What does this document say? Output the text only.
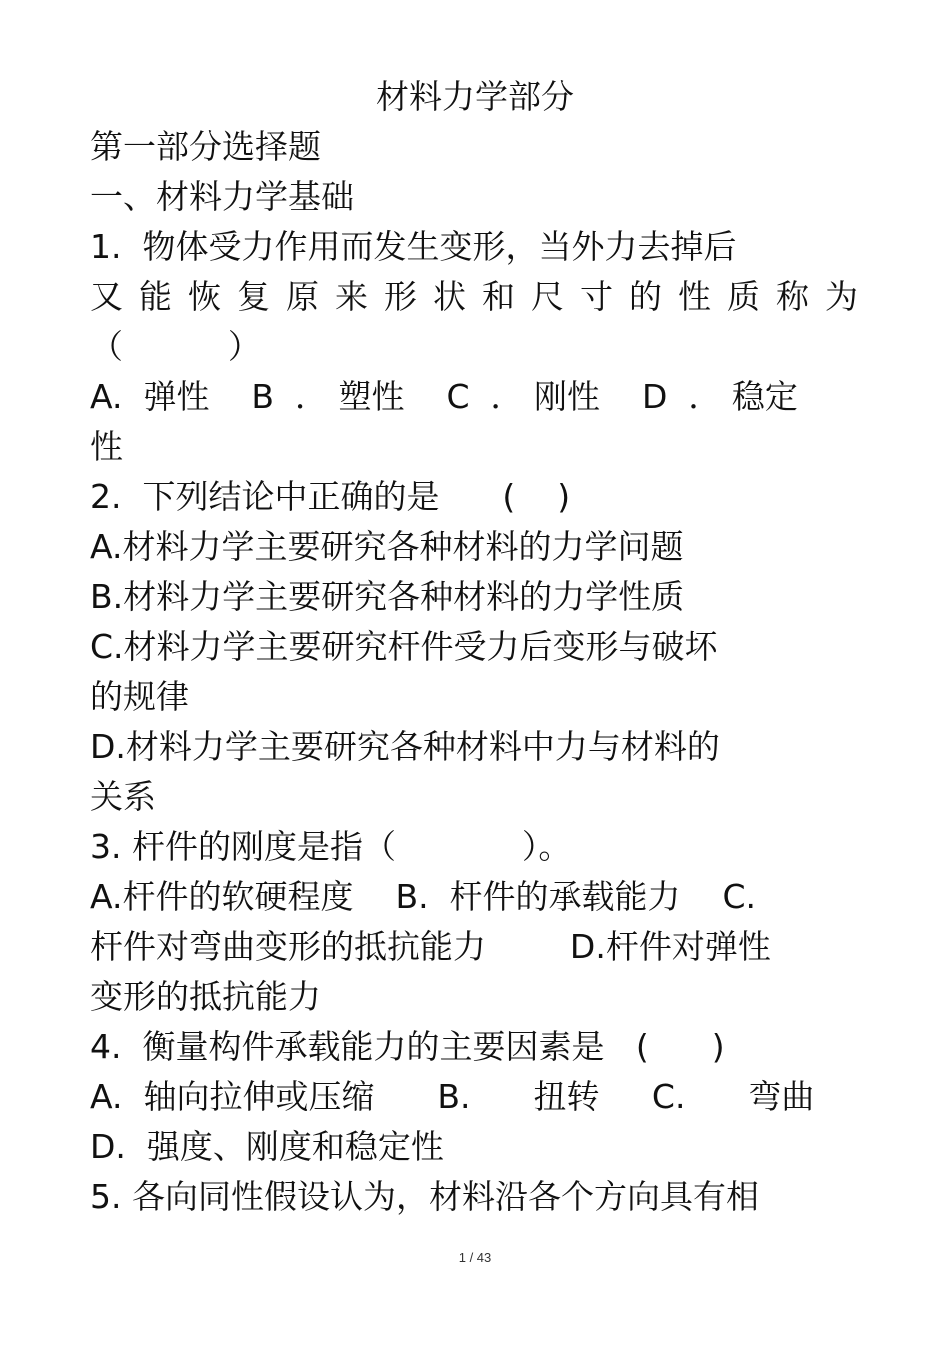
材料力学部分
第一部分选择题
一、材料力学基础
1.  物体受力作用而发生变形，当外力去掉后
又 能 恢 复 原 来 形 状 和 尺 寸 的 性 质 称 为
（          ）
A.  弹性    B  ． 塑性    C  ． 刚性    D  ． 稳定
性
2.  下列结论中正确的是      (    )
A.材料力学主要研究各种材料的力学问题
B.材料力学主要研究各种材料的力学性质
C.材料力学主要研究杆件受力后变形与破坏
的规律
D.材料力学主要研究各种材料中力与材料的
关系
3. 杆件的刚度是指（            ）。
A.杆件的软硬程度    B.  杆件的承载能力    C.
杆件对弯曲变形的抵抗能力        D.杆件对弹性
变形的抵抗能力
4.  衡量构件承载能力的主要因素是   (      )
A.  轴向拉伸或压缩      B.      扭转     C.      弯曲
D.  强度、刚度和稳定性
5. 各向同性假设认为，材料沿各个方向具有相
1 / 43
